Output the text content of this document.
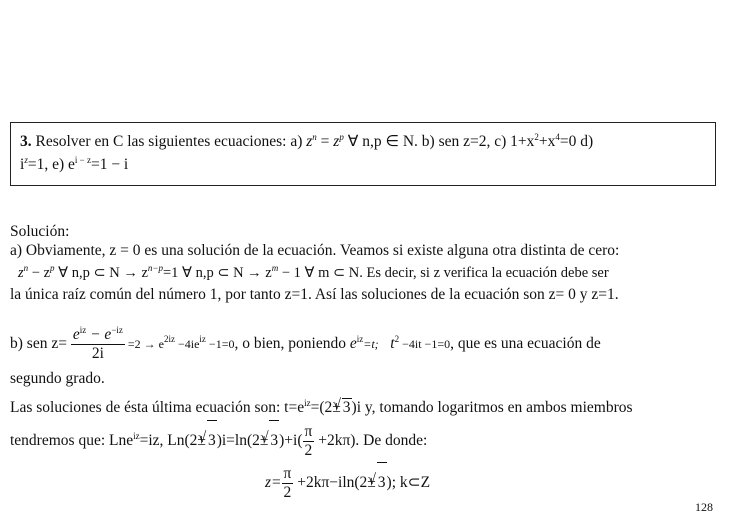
3. Resolver en C las siguientes ecuaciones: a) $z^n = z^p$ ∀ n,p ∈ N. b) sen z=2, c) $1+x^2+x^4=0$ d)
$i^z=1$, e) $e^{i - z}=1 - i$
Solución:
a) Obviamente, z = 0 es una solución de la ecuación. Veamos si existe alguna otra distinta de cero:
$z^n - z^p$ ∀ n,p ⊂ $N \to z^{n-p}=1$ ∀ n,p ⊂ $N \to z^m - 1$ ∀ m ⊂ N. Es decir, si z verifica la ecuación debe ser
la única raíz común del número 1, por tanto z=1. Así las soluciones de la ecuación son z= 0 y z=1.
b) sen $z= \frac{e^{iz} - e^{-iz}}{2i} =2 \to e^{2iz} -4ie^{iz} -1=0$, o bien, poniendo $e^{iz}=t$; $t^2 -4it -1=0$, que es una ecuación de
segundo grado.
Las soluciones de ésta última ecuación son: $t=e^{iz}=(2\pm√$ 3)i y, tomando logaritmos en ambos miembros
tendremos que: Lne$^{iz}$=iz, Ln(2±√ 3)i=ln(2±√ $3)+i( \frac{\pi}{2} +2k\pi)$. De donde:
$z= \frac{\pi}{2} +2k\pi-iln(2\pm√$ 3); k⊂Z
128
